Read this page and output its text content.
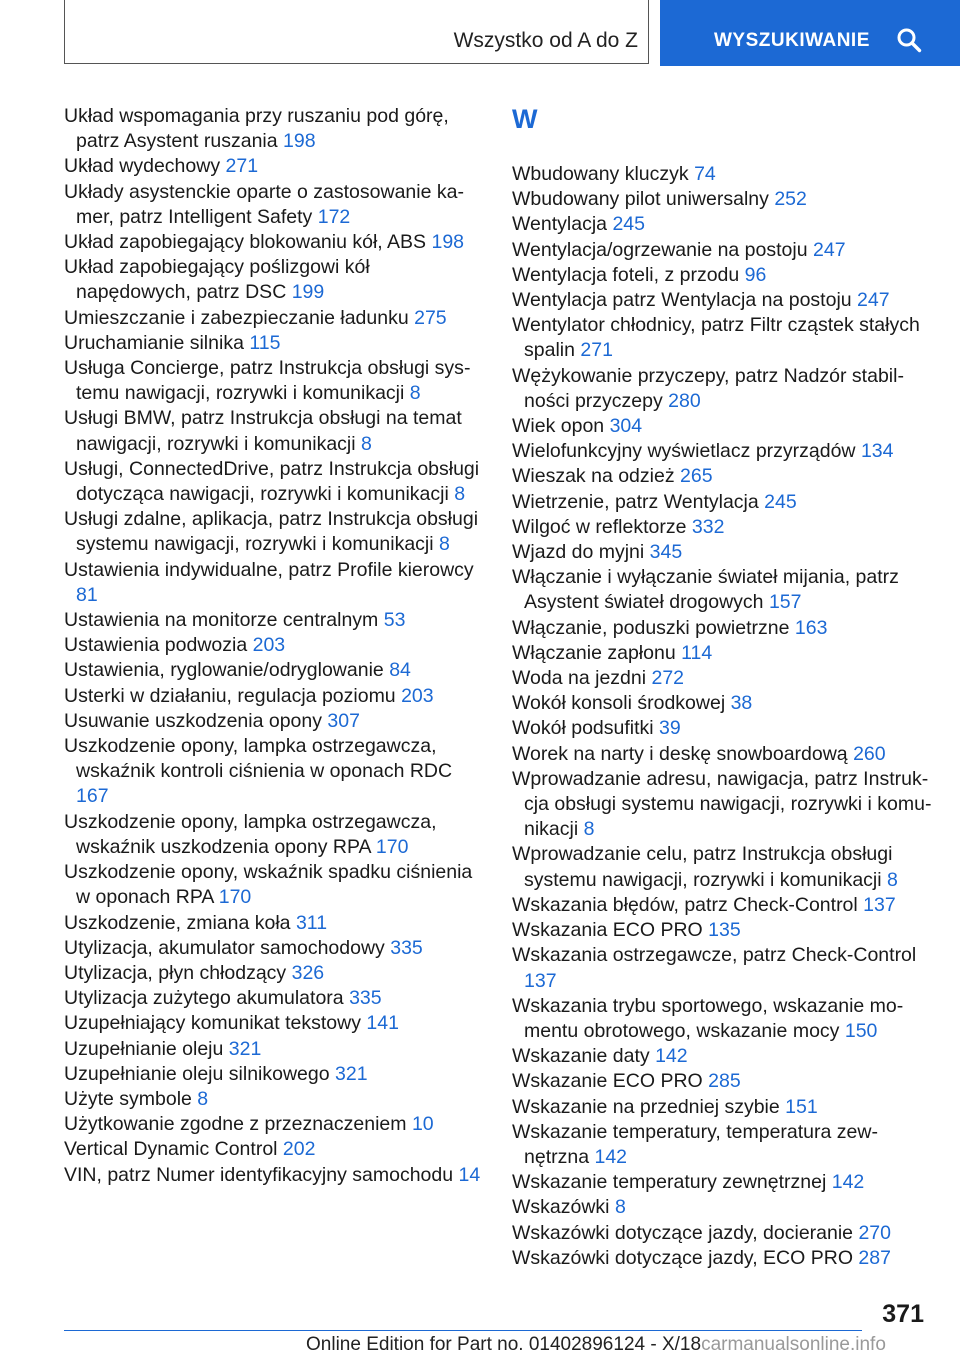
Wszystko od A do Z	WYSZUKIWANIE
Układ wspomagania przy ruszaniu pod górę, patrz Asystent ruszania 198
Układ wydechowy 271
Układy asystenckie oparte o zastosowanie kamer, patrz Intelligent Safety 172
Układ zapobiegający blokowaniu kół, ABS 198
Układ zapobiegający poślizgowi kół napędowych, patrz DSC 199
Umieszczanie i zabezpieczanie ładunku 275
Uruchamianie silnika 115
Usługa Concierge, patrz Instrukcja obsługi systemu nawigacji, rozrywki i komunikacji 8
Usługi BMW, patrz Instrukcja obsługi na temat nawigacji, rozrywki i komunikacji 8
Usługi, ConnectedDrive, patrz Instrukcja obsługi dotycząca nawigacji, rozrywki i komunikacji 8
Usługi zdalne, aplikacja, patrz Instrukcja obsługi systemu nawigacji, rozrywki i komunikacji 8
Ustawienia indywidualne, patrz Profile kierowcy 81
Ustawienia na monitorze centralnym 53
Ustawienia podwozia 203
Ustawienia, ryglowanie/odryglowanie 84
Usterki w działaniu, regulacja poziomu 203
Usuwanie uszkodzenia opony 307
Uszkodzenie opony, lampka ostrzegawcza, wskaźnik kontroli ciśnienia w oponach RDC 167
Uszkodzenie opony, lampka ostrzegawcza, wskaźnik uszkodzenia opony RPA 170
Uszkodzenie opony, wskaźnik spadku ciśnienia w oponach RPA 170
Uszkodzenie, zmiana koła 311
Utylizacja, akumulator samochodowy 335
Utylizacja, płyn chłodzący 326
Utylizacja zużytego akumulatora 335
Uzupełniający komunikat tekstowy 141
Uzupełnianie oleju 321
Uzupełnianie oleju silnikowego 321
Użyte symbole 8
Użytkowanie zgodne z przeznaczeniem 10
Vertical Dynamic Control 202
VIN, patrz Numer identyfikacyjny samochodu 14
W
Wbudowany kluczyk 74
Wbudowany pilot uniwersalny 252
Wentylacja 245
Wentylacja/ogrzewanie na postoju 247
Wentylacja foteli, z przodu 96
Wentylacja patrz Wentylacja na postoju 247
Wentylator chłodnicy, patrz Filtr cząstek stałych spalin 271
Wężykowanie przyczepy, patrz Nadzór stabilności przyczepy 280
Wiek opon 304
Wielofunkcyjny wyświetlacz przyrządów 134
Wieszak na odzież 265
Wietrzenie, patrz Wentylacja 245
Wilgoć w reflektorze 332
Wjazd do myjni 345
Włączanie i wyłączanie świateł mijania, patrz Asystent świateł drogowych 157
Włączanie, poduszki powietrzne 163
Włączanie zapłonu 114
Woda na jezdni 272
Wokół konsoli środkowej 38
Wokół podsufitki 39
Worek na narty i deskę snowboardową 260
Wprowadzanie adresu, nawigacja, patrz Instrukcja obsługi systemu nawigacji, rozrywki i komunikacji 8
Wprowadzanie celu, patrz Instrukcja obsługi systemu nawigacji, rozrywki i komunikacji 8
Wskazania błędów, patrz Check-Control 137
Wskazania ECO PRO 135
Wskazania ostrzegawcze, patrz Check-Control 137
Wskazania trybu sportowego, wskazanie momentu obrotowego, wskazanie mocy 150
Wskazanie daty 142
Wskazanie ECO PRO 285
Wskazanie na przedniej szybie 151
Wskazanie temperatury, temperatura zewnętrzna 142
Wskazanie temperatury zewnętrznej 142
Wskazówki 8
Wskazówki dotyczące jazdy, docieranie 270
Wskazówki dotyczące jazdy, ECO PRO 287
371
Online Edition for Part no. 01402896124 - X/18carmanualsonline.info
